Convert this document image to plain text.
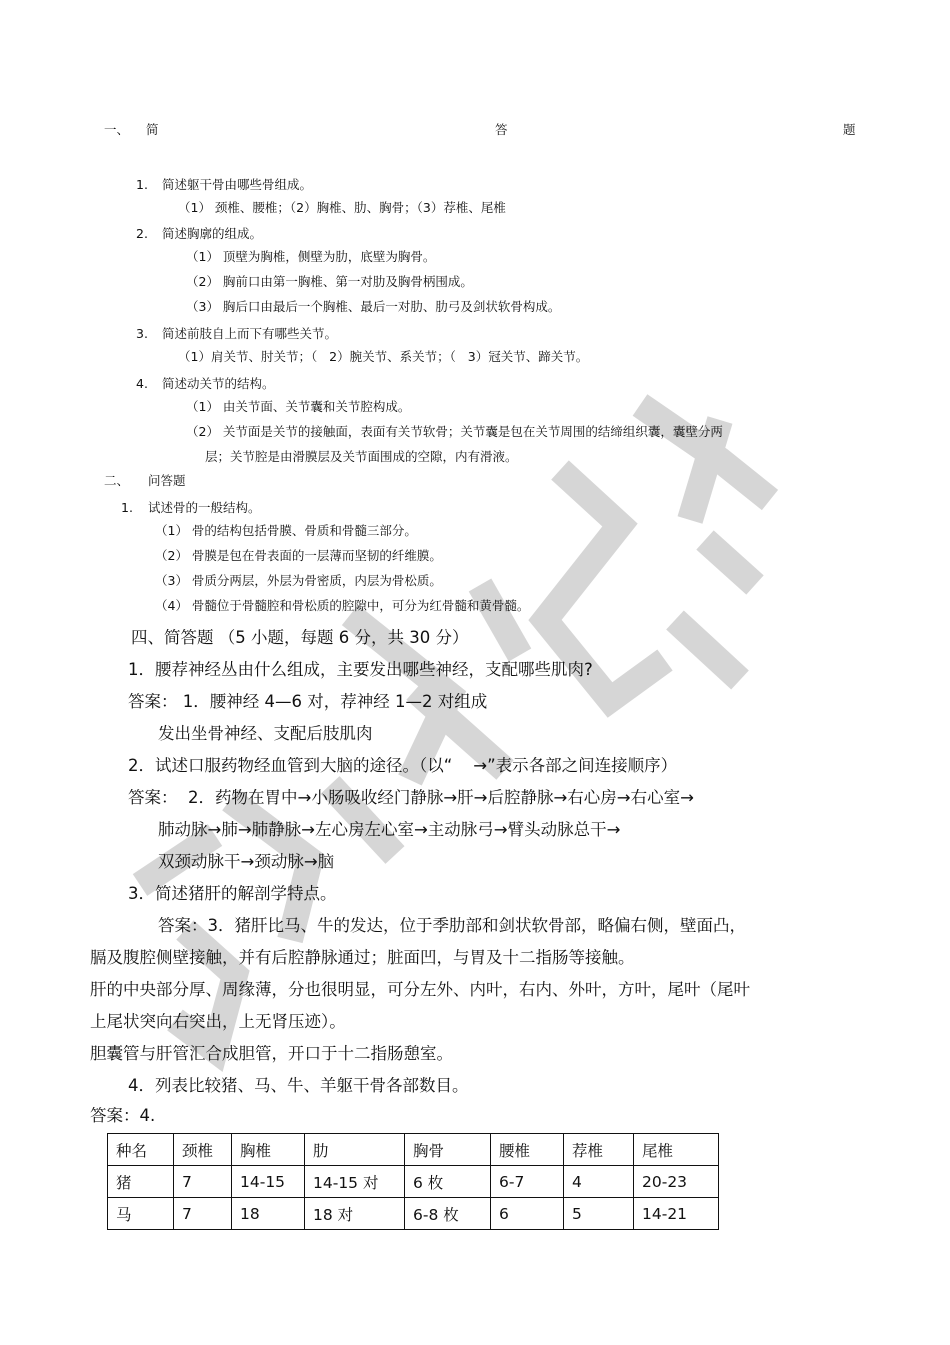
一、 简	答	题
1. 简述躯干骨由哪些骨组成。
（1） 颈椎、腰椎；（2）胸椎、肋、胸骨；（3）荐椎、尾椎
2. 简述胸廓的组成。
（1） 顶壁为胸椎，侧壁为肋，底壁为胸骨。
（2） 胸前口由第一胸椎、第一对肋及胸骨柄围成。
（3） 胸后口由最后一个胸椎、最后一对肋、肋弓及剑状软骨构成。
3. 简述前肢自上而下有哪些关节。
（1）肩关节、肘关节；（   2）腕关节、系关节；（   3）冠关节、蹄关节。
4. 简述动关节的结构。
（1） 由关节面、关节囊和关节腔构成。
（2） 关节面是关节的接触面，表面有关节软骨；关节囊是包在关节周围的结缔组织囊，囊壁分两
层；关节腔是由滑膜层及关节面围成的空隙，内有滑液。
二、 问答题
1. 试述骨的一般结构。
（1） 骨的结构包括骨膜、骨质和骨髓三部分。
（2） 骨膜是包在骨表面的一层薄而坚韧的纤维膜。
（3） 骨质分两层，外层为骨密质，内层为骨松质。
（4） 骨髓位于骨髓腔和骨松质的腔隙中，可分为红骨髓和黄骨髓。
四、简答题 （5 小题，每题 6 分，共 30 分）
1．腰荐神经丛由什么组成，主要发出哪些神经，支配哪些肌肉?
答案： 1．腰神经 4—6 对，荐神经 1—2 对组成
发出坐骨神经、支配后肢肌肉
2．试述口服药物经血管到大脑的途径。（以“    →”表示各部之间连接顺序）
答案：  2．药物在胃中→小肠吸收经门静脉→肝→后腔静脉→右心房→右心室→
肺动脉→肺→肺静脉→左心房左心室→主动脉弓→臂头动脉总干→
双颈动脉干→颈动脉→脑
3．简述猪肝的解剖学特点。
答案：3．猪肝比马、牛的发达，位于季肋部和剑状软骨部，略偏右侧，壁面凸，
膈及腹腔侧壁接触，并有后腔静脉通过；脏面凹，与胃及十二指肠等接触。
肝的中央部分厚、周缘薄，分也很明显，可分左外、内叶，右内、外叶，方叶，尾叶（尾叶
上尾状突向右突出，上无肾压迹）。
胆囊管与肝管汇合成胆管，开口于十二指肠憩室。
4．列表比较猪、马、牛、羊躯干骨各部数目。
答案：4.
种名	颈椎	胸椎	肋	胸骨	腰椎	荐椎	尾椎
猪	7	14-15	14-15 对	6 枚	6-7	4	20-23
马	7	18	18 对	6-8 枚	6	5	14-21
